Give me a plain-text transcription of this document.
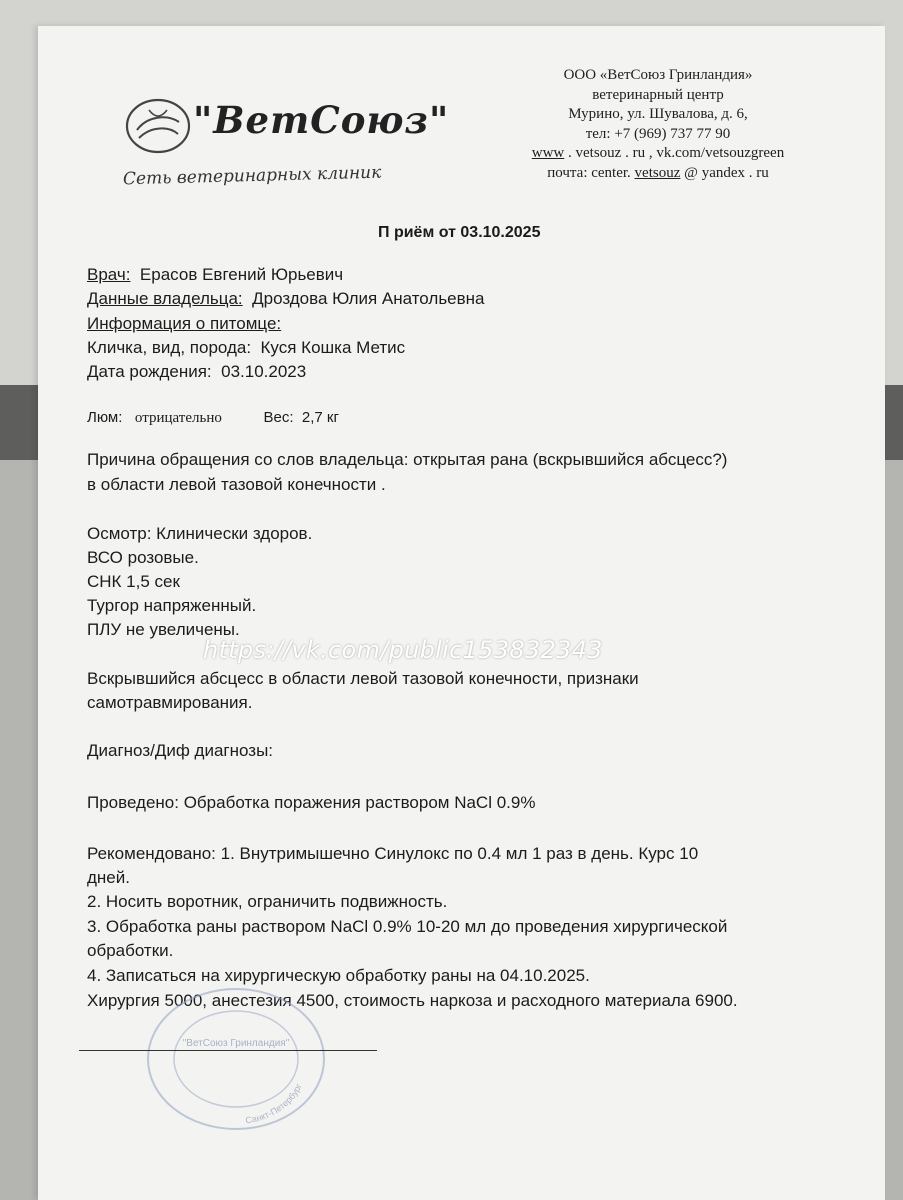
"ВетСоюз"
Сеть ветеринарных клиник
ООО «ВетСоюз Гринландия»
ветеринарный центр
Мурино, ул. Шувалова, д. 6,
тел: +7 (969) 737 77 90
www . vetsouz . ru , vk.com/vetsouzgreen
почта: center. vetsouz @ yandex . ru
П риём от 03.10.2025
Врач: Ерасов Евгений Юрьевич
Данные владельца: Дроздова Юлия Анатольевна
Информация о питомце:
Кличка, вид, порода: Куся Кошка Метис
Дата рождения: 03.10.2023
Люм: отрицательно	Вес: 2,7 кг
Причина обращения со слов владельца: открытая рана (вскрывшийся абсцесс?)
в области левой тазовой конечности .
Осмотр: Клинически здоров.
ВСО розовые.
СНК 1,5 сек
Тургор напряженный.
ПЛУ не увеличены.
https://vk.com/public153832343
Вскрывшийся абсцесс в области левой тазовой конечности, признаки
самотравмирования.
Диагноз/Диф диагнозы:
Проведено: Обработка поражения раствором NaCl 0.9%
Рекомендовано: 1. Внутримышечно Синулокс по 0.4 мл 1 раз в день. Курс 10
дней.
2. Носить воротник, ограничить подвижность.
3. Обработка раны раствором NaCl 0.9% 10-20 мл до проведения хирургической
обработки.
4. Записаться на хирургическую обработку раны на 04.10.2025.
Хирургия 5000, анестезия 4500, стоимость наркоза и расходного материала 6900.
"ВетСоюз Гринландия"
Санкт-Петербург
